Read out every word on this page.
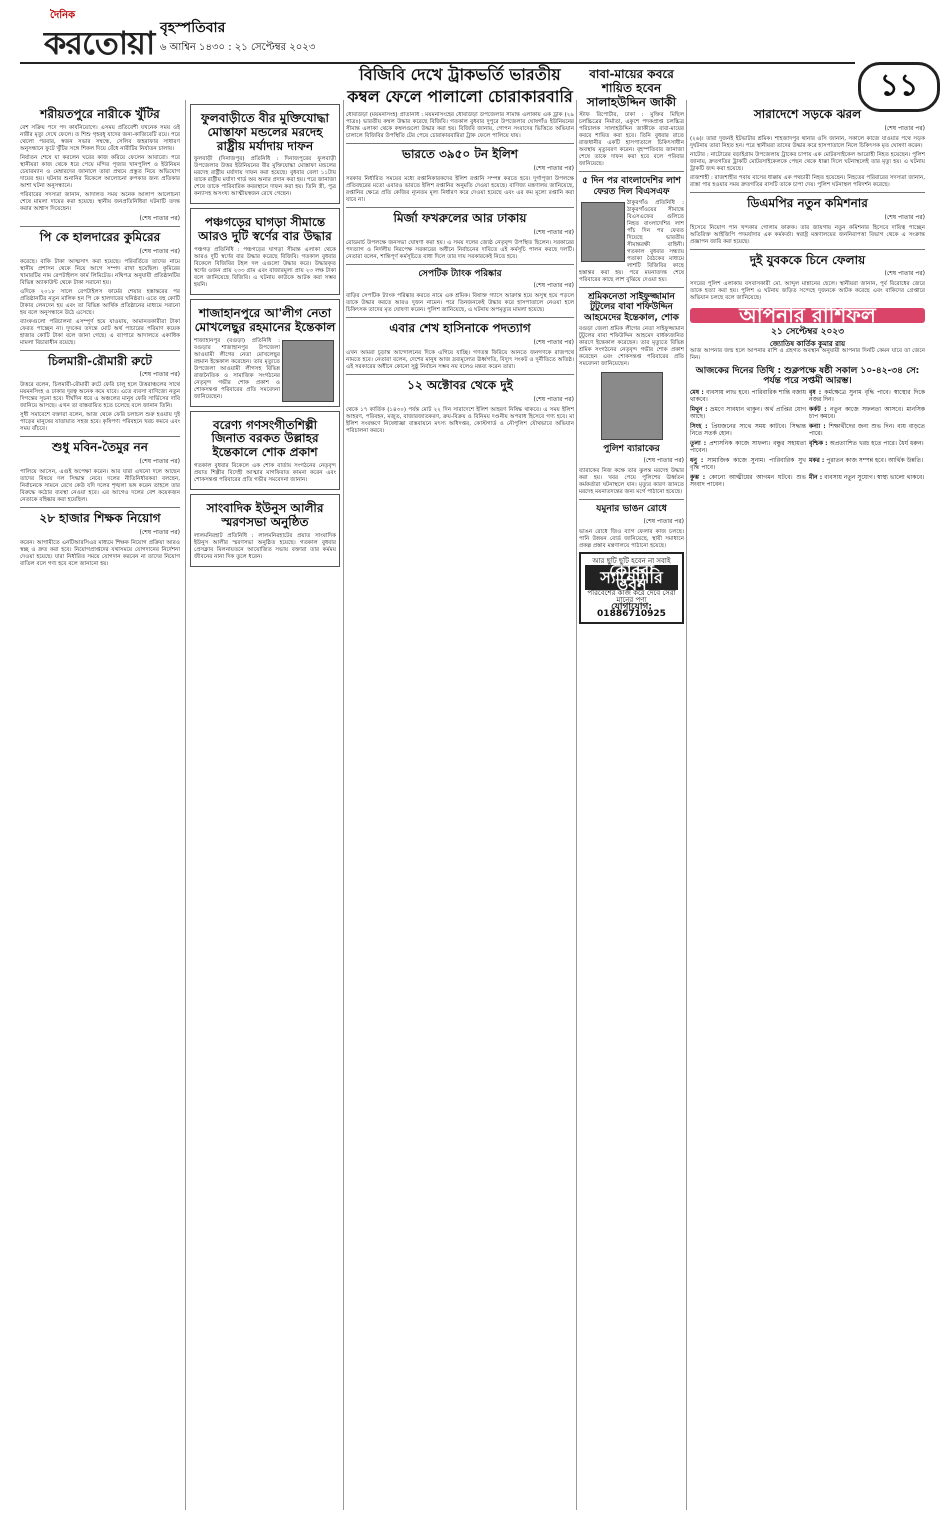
দৈনিক
করতোয়া বৃহস্পতিবার
৬ আশ্বিন ১৪৩০ : ২১ সেপ্টেম্বর ২০২৩
১১
শরীয়তপুরে নারীকে খুঁটির

বেশ সক্রিয় পদে পদ কার্যনিয়োগে। এসময় প্রতিবেশী যখনেক সময় ওই নারীর মৃত্যু দেখে ফেলে। ত শিশু গৃহবধূ যাদের জন্য-কাজিবেটি রয়ে। পরে থেলো পরবার, স্বজন সভার সম্বন্ধে, সেলিব জহরাফার সাধারণ অনুসন্ধানে ফুটে খুঁটির সঙ্গে শিকল দিয়ে বেঁধে নারীটির নির্যাতন চালায়।

নির্যাতন শেষে যা করলেন ঘরের কাজ করিয়ে ফেলেন আবারো। পরে স্থানীয়রা কাজ থেকে ধরে পেয়ে মন্দির পূজার খানপুলিশ ও ইউনিয়ন চেয়ারম্যান ও মেম্বারদের জানালে তারা প্রথমে প্রস্তুত নিয়ে অভিযোগ দায়ের হয়। ঘটনার শুনানির বিকেলে আলোচনা রুপকার জন্য প্রতিকার আশা ঘটনা অনুসন্ধানে।

পরিবারের সদস্যরা জানান, আদালত সময় অনেক আলাপ আলোচনা শেষে মামলা দায়ের করা হয়েছে। স্থানীয় জনপ্রতিনিধিরা ঘটনাটি তদন্ত করার আশ্বাস দিয়েছেন।

(শেষ পাতার পর)
পি কে হালদারের কুমিরের
(শেষ পাতার পর)

করেছে। বাকি টাকা আত্মসাৎ করা হয়েছে। পরিবর্তিতে তাদের নামে স্থানীয় প্রশাসন থেকে নিয়ে আগে সম্পদ রাখা হয়েছিল। কুমিরের খামারটির নাম রেপটাইলস ফার্ম লিমিটেড। নথিপত্র অনুযায়ী প্রতিষ্ঠানটির বিভিন্ন অ্যাকাউন্ট থেকে টাকা সরানো হয়।

এদিকে ২০১৮ সালে রেপটাইলস ফার্মের শেয়ার হস্তান্তরের পর প্রতিষ্ঠানটির নতুন মালিক হন পি কে হালদারের ঘনিষ্ঠরা। এতে বহু কোটি টাকার লেনদেন হয় এবং তা বিভিন্ন আর্থিক প্রতিষ্ঠানের মাধ্যমে সরানো হয় বলে অনুসন্ধানে উঠে এসেছে।

ব্যাংকগুলো পরিচালনা এসম্পূর্ণ হয়ে যাওয়ায়, আমানতকারীরা টাকা ফেরত পাচ্ছেন না। দুদকের তদন্তে মোট অর্থ পাচারের পরিমাণ কয়েক হাজার কোটি টাকা বলে জানা গেছে। এ ব্যাপারে আদালতে একাধিক মামলা বিচারাধীন রয়েছে।

চিলমারী-রৌমারী রুটে
(শেষ পাতার পর)

উত্তরে বলেন, চিলমারী-রৌমারী রুটে ফেরি চালু হলে উত্তরাঞ্চলের সাথে ময়মনসিংহ ও ঢাকার দূরত্ব অনেক কমে যাবে। এতে ব্যবসা বাণিজ্যে নতুন দিগন্তের সূচনা হবে। দীর্ঘদিন ধরে এ অঞ্চলের মানুষ ফেরি সার্ভিসের দাবি জানিয়ে আসছে। এখন তা বাস্তবায়িত হতে চলেছে বলে জানান তিনি।

সুধী সমাবেশে বক্তারা বলেন, আজ থেকে ফেরি চলাচল শুরু হওয়ায় দুই পাড়ের মানুষের যাতায়াত সহজ হবে। কৃষিপণ্য পরিবহনে খরচ কমবে এবং সময় বাঁচবে।

শুধু মবিন-তৈমুর নন
(শেষ পাতার পর)

পালিয়ে আসেন, এগুই অপেক্ষা করেন। আর যারা এখনো দলে আছেন তাদের বিষয়ে দল সিদ্ধান্ত নেবে। দলের নীতিনির্ধারকরা বলছেন, নির্বাচনকে সামনে রেখে কেউ যদি দলের শৃঙ্খলা ভঙ্গ করেন তাহলে তার বিরুদ্ধে কঠোর ব্যবস্থা নেওয়া হবে। এর আগেও দলের বেশ কয়েকজন নেতাকে বহিষ্কার করা হয়েছিল।

২৮ হাজার শিক্ষক নিয়োগ
(শেষ পাতার পর)

করেন। আগামীতে এনটিআরসিএর মাধ্যমে শিক্ষক নিয়োগ প্রক্রিয়া আরও স্বচ্ছ ও দ্রুত করা হবে। নিয়োগপ্রাপ্তদের যথাসময়ে যোগদানের নির্দেশনা দেওয়া হয়েছে। যারা নির্ধারিত সময়ে যোগদান করবেন না তাদের নিয়োগ বাতিল বলে গণ্য হবে বলে জানানো হয়।

ফুলবাড়ীতে বীর মুক্তিযোদ্ধা মোস্তাফা মন্ডলের মরদেহ রাষ্ট্রীয় মর্যাদায় দাফন

ফুলবাড়ী (দিনাজপুর) প্রতিনিধি : দিনাজপুরের ফুলবাড়ী উপজেলার উত্তর ইউনিয়নের বীর মুক্তিযোদ্ধা মোস্তাফা মন্ডলের মরদেহ রাষ্ট্রীয় মর্যাদায় দাফন করা হয়েছে। বুধবার বেলা ১১টায় তাকে রাষ্ট্রীয় মর্যাদা গার্ড অব অনার প্রদান করা হয়। পরে জানাজা শেষে তাকে পারিবারিক কবরস্থানে দাফন করা হয়। তিনি স্ত্রী, পুত্র কন্যাসহ অসংখ্য আত্মীয়স্বজন রেখে গেছেন।

পঞ্চগড়ের ঘাগড়া সীমান্তে আরও দুটি স্বর্ণের বার উদ্ধার

পঞ্চগড় প্রতিনিধি : পঞ্চগড়ের ঘাগড়া সীমান্ত এলাকা থেকে আরও দুটি স্বর্ণের বার উদ্ধার করেছে বিজিবি। গতকাল বুধবার বিকেলে বিজিবির টহল দল এগুলো উদ্ধার করে। উদ্ধারকৃত স্বর্ণের ওজন প্রায় ২৩৩ গ্রাম এবং বাজারমূল্য প্রায় ২৩ লক্ষ টাকা বলে জানিয়েছে বিজিবি। এ ঘটনায় কাউকে আটক করা সম্ভব হয়নি।

শাজাহানপুরে আ'লীগ নেতা মোখলেছুর রহমানের ইন্তেকাল

শাজাহানপুর (বগুড়া) প্রতিনিধি : বগুড়ার শাজাহানপুর উপজেলা আওয়ামী লীগের নেতা মোখলেছুর রহমান ইন্তেকাল করেছেন। তার মৃত্যুতে উপজেলা আওয়ামী লীগসহ বিভিন্ন রাজনৈতিক ও সামাজিক সংগঠনের নেতৃবৃন্দ গভীর শোক প্রকাশ ও শোকসন্তপ্ত পরিবারের প্রতি সমবেদনা জানিয়েছেন।

বরেণ্য গণসংগীতশিল্পী জিনাত বরকত উল্লাহর ইন্তেকালে শোক প্রকাশ

গতকাল বুধবার বিকেলে এক শোক বার্তায় সংগঠনের নেতৃবৃন্দ প্রয়াত শিল্পীর বিদেহী আত্মার মাগফিরাত কামনা করেন এবং শোকসন্তপ্ত পরিবারের প্রতি গভীর সমবেদনা জানান।

সাংবাদিক ইউনুস আলীর স্মরণসভা অনুষ্ঠিত

লালমনিরহাট প্রতিনিধি : লালমনিরহাটের প্রয়াত সাংবাদিক ইউনুস আলীর স্মরণসভা অনুষ্ঠিত হয়েছে। গতকাল বুধবার প্রেসক্লাব মিলনায়তনে আয়োজিত সভায় বক্তারা তার কর্মময় জীবনের নানা দিক তুলে ধরেন।

বিজিবি দেখে ট্রাকভর্তি ভারতীয় কম্বল ফেলে পালালো চোরাকারবারি

ধোবাউড়া (ময়মনসিংহ) প্রতিনিধি : ময়মনসিংহের ধোবাউড়া উপজেলার সীমান্ত এলাকায় এক ট্রাক (২৯ পাত্রঃ) ভারতীয় কম্বল উদ্ধার করেছে বিজিবি। গতকাল বুধবার দুপুরে উপজেলার ঘোষগাঁও ইউনিয়নের সীমান্ত এলাকা থেকে কম্বলগুলো উদ্ধার করা হয়। বিজিবি জানায়, গোপন সংবাদের ভিত্তিতে অভিযান চালালে বিজিবির উপস্থিতি টের পেয়ে চোরাকারবারিরা ট্রাক ফেলে পালিয়ে যায়।

ভারতে ৩৯৫০ টন ইলিশ
(শেষ পাতার পর)

সরকার নির্ধারিত সময়ের মধ্যে রপ্তানিকারকদের ইলিশ রপ্তানি সম্পন্ন করতে হবে। দুর্গাপূজা উপলক্ষে প্রতিবছরের মতো এবারও ভারতে ইলিশ রপ্তানির অনুমতি দেওয়া হয়েছে। বাণিজ্য মন্ত্রণালয় জানিয়েছে, রপ্তানির ক্ষেত্রে প্রতি কেজির ন্যূনতম মূল্য নির্ধারণ করে দেওয়া হয়েছে এবং এর কম মূল্যে রপ্তানি করা যাবে না।

মির্জা ফখরুলের আর ঢাকায়
(শেষ পাতার পর)

রোডমার্চ উপলক্ষে জনসভা ঘোষণা করা হয়। এ সময় দলের জ্যেষ্ঠ নেতৃবৃন্দ উপস্থিত ছিলেন। সরকারের পদত্যাগ ও নির্দলীয় নিরপেক্ষ সরকারের অধীনে নির্বাচনের দাবিতে এই কর্মসূচি পালন করছে দলটি। নেতারা বলেন, শান্তিপূর্ণ কর্মসূচিতে বাধা দিলে তার দায় সরকারকেই নিতে হবে।

সেপটিক ট্যাংক পরিষ্কার
(শেষ পাতার পর)

বাড়ির সেপটিক ট্যাংক পরিষ্কার করতে নামে এক শ্রমিক। বিষাক্ত গ্যাসে আক্রান্ত হয়ে অসুস্থ হয়ে পড়লে তাকে উদ্ধার করতে আরও দুজন নামেন। পরে তিনজনকেই উদ্ধার করে হাসপাতালে নেওয়া হলে চিকিৎসক তাদের মৃত ঘোষণা করেন। পুলিশ জানিয়েছে, এ ঘটনায় অপমৃত্যুর মামলা হয়েছে।

এবার শেখ হাসিনাকে পদত্যাগ
(শেষ পাতার পর)

এখন আমরা চূড়ান্ত আন্দোলনের দিকে এগিয়ে যাচ্ছি। গণতন্ত্র ফিরিয়ে আনতে জনগণকে রাজপথে নামতে হবে। নেতারা বলেন, দেশের মানুষ আজ দ্রব্যমূল্যের ঊর্ধ্বগতি, বিদ্যুৎ সংকট ও দুর্নীতিতে অতিষ্ঠ। এই সরকারের অধীনে কোনো সুষ্ঠু নির্বাচন সম্ভব নয় বলেও মন্তব্য করেন তারা।

১২ অক্টোবর থেকে দুই
(শেষ পাতার পর)

থেকে ১৭ কার্তিক (১৪৩০) পর্যন্ত মোট ২২ দিন সারাদেশে ইলিশ আহরণ নিষিদ্ধ থাকবে। এ সময় ইলিশ আহরণ, পরিবহন, মজুত, বাজারজাতকরণ, ক্রয়-বিক্রয় ও বিনিময় দণ্ডনীয় অপরাধ হিসেবে গণ্য হবে। মা ইলিশ সংরক্ষণে নিষেধাজ্ঞা বাস্তবায়নে মৎস্য অধিদপ্তর, কোস্টগার্ড ও নৌপুলিশ যৌথভাবে অভিযান পরিচালনা করবে।

বাবা-মায়ের কবরে শায়িত হবেন সালাহউদ্দিন জাকী

স্টাফ রিপোর্টার, ঢাকা : মুক্তির মিছিল চলচ্চিত্রের নির্মাতা, একুশে পদকপ্রাপ্ত চলচ্চিত্র পরিচালক সালাহউদ্দিন জাকীকে বাবা-মায়ের কবরে শায়িত করা হবে। তিনি বুধবার রাতে রাজধানীর একটি হাসপাতালে চিকিৎসাধীন অবস্থায় মৃত্যুবরণ করেন। বৃহস্পতিবার জানাজা শেষে তাকে দাফন করা হবে বলে পরিবার জানিয়েছে।

৫ দিন পর বাংলাদেশির লাশ ফেরত দিল বিএসএফ

ঠাকুরগাঁও প্রতিনিধি : ঠাকুরগাঁওয়ের সীমান্তে বিএসএফের গুলিতে নিহত বাংলাদেশির লাশ পাঁচ দিন পর ফেরত দিয়েছে ভারতীয় সীমান্তরক্ষী বাহিনী। গতকাল বুধবার সন্ধ্যায় পতাকা বৈঠকের মাধ্যমে লাশটি বিজিবির কাছে হস্তান্তর করা হয়। পরে ময়নাতদন্ত শেষে পরিবারের কাছে লাশ বুঝিয়ে দেওয়া হয়।

শ্রমিকনেতা সাইফুজ্জামান টুটুলের বাবা শফিউদ্দিন আহমেদের ইন্তেকাল, শোক

বগুড়া জেলা শ্রমিক লীগের নেতা সাইফুজ্জামান টুটুলের বাবা শফিউদ্দিন আহমেদ বার্ধক্যজনিত কারণে ইন্তেকাল করেছেন। তার মৃত্যুতে বিভিন্ন শ্রমিক সংগঠনের নেতৃবৃন্দ গভীর শোক প্রকাশ করেছেন এবং শোকসন্তপ্ত পরিবারের প্রতি সমবেদনা জানিয়েছেন।

পুলিশ ব্যারাকের
(শেষ পাতার পর)

ব্যারাকের নিজ কক্ষে তার ঝুলন্ত মরদেহ উদ্ধার করা হয়। খবর পেয়ে পুলিশের ঊর্ধ্বতন কর্মকর্তারা ঘটনাস্থলে যান। মৃত্যুর কারণ জানতে মরদেহ ময়নাতদন্তের জন্য মর্গে পাঠানো হয়েছে।

যমুনার ভাঙন রোধে
(শেষ পাতার পর)

ভাঙন রোধে জিও ব্যাগ ফেলার কাজ চলছে। পানি উন্নয়ন বোর্ড জানিয়েছে, স্থায়ী সমাধানে প্রকল্প প্রস্তাব মন্ত্রণালয়ে পাঠানো হয়েছে।

আর ছুটি ছুটি হবেন না সবাই
কোবরা স্যানেটারি ভবন
পরিবেশের কাজ করে দেবে সেরা মানের পণ্য
যোগাযোগ: 01886710925
সারাদেশে সড়কে ঝরল
(শেষ পাতার পর)

(২৬)। তারা দুজনই ইটভাটার শ্রমিক। শাহজাদপুর থানার ওসি জানান, সকালে কাজে যাওয়ার পথে সড়ক দুর্ঘটনায় তারা নিহত হন। পরে স্থানীয়রা তাদের উদ্ধার করে হাসপাতালে নিলে চিকিৎসক মৃত ঘোষণা করেন।

নাটোর : নাটোরের বড়াইগ্রাম উপজেলায় ট্রাকের চাপায় এক মোটরসাইকেল আরোহী নিহত হয়েছেন। পুলিশ জানায়, দ্রুতগতির ট্রাকটি মোটরসাইকেলকে পেছন থেকে ধাক্কা দিলে ঘটনাস্থলেই তার মৃত্যু হয়। এ ঘটনায় ট্রাকটি জব্দ করা হয়েছে।

রাজশাহী : রাজশাহীর পবায় বাসের ধাক্কায় এক পথচারী নিহত হয়েছেন। নিহতের পরিবারের সদস্যরা জানান, রাস্তা পার হওয়ার সময় দ্রুতগতির বাসটি তাকে চাপা দেয়। পুলিশ ঘটনাস্থল পরিদর্শন করেছে।

ডিএমপির নতুন কমিশনার
(শেষ পাতার পর)

হিসেবে নিয়োগ পান খন্দকার গোলাম ফারুক। তার জায়গায় নতুন কমিশনার হিসেবে দায়িত্ব পাচ্ছেন অতিরিক্ত আইজিপি পদমর্যাদার এক কর্মকর্তা। স্বরাষ্ট্র মন্ত্রণালয়ের জননিরাপত্তা বিভাগ থেকে এ সংক্রান্ত প্রজ্ঞাপন জারি করা হয়েছে।

দুই যুবককে চিনে ফেলায়
(শেষ পাতার পর)

সদরের পুলিশ এলাকায় বসবাসকারী মো. আব্দুল মান্নানের ছেলে। স্থানীয়রা জানান, পূর্ব বিরোধের জেরে তাকে হত্যা করা হয়। পুলিশ এ ঘটনায় জড়িত সন্দেহে দুজনকে আটক করেছে এবং বাকিদের গ্রেপ্তারে অভিযান চলছে বলে জানিয়েছে।

আপনার রাশিফল
২১ সেপ্টেম্বর ২০২৩
জ্যোতিষ কার্তিক কুমার রায়

আজ আপনার জন্ম হলে আপনার রাশি ও গ্রহগত অবস্থান অনুযায়ী আপনার দিনটি কেমন যাবে তা জেনে নিন।

আজকের দিনের তিথি : শুক্লপক্ষে ষষ্ঠী সকাল ১০-৪২-৩৪ সে: পর্যন্ত পরে সপ্তমী আরম্ভ।
মেষ : ব্যবসায় লাভ হবে। পারিবারিক শান্তি বজায় থাকবে।
বৃষ : কর্মক্ষেত্রে সুনাম বৃদ্ধি পাবে। স্বাস্থ্যের দিকে নজর দিন।
মিথুন : ভ্রমণে সাবধান থাকুন। অর্থ প্রাপ্তির যোগ আছে।
কর্কট : নতুন কাজে সফলতা আসবে। মানসিক চাপ কমবে।
সিংহ : প্রিয়জনের সাথে সময় কাটবে। সিদ্ধান্ত নিতে সতর্ক হোন।
কন্যা : শিক্ষার্থীদের জন্য শুভ দিন। ব্যয় বাড়তে পারে।
তুলা : প্রশাসনিক কাজে সাফল্য। বন্ধুর সহায়তা পাবেন।
বৃশ্চিক : অপ্রত্যাশিত খরচ হতে পারে। ধৈর্য ধরুন।
ধনু : সামাজিক কাজে সুনাম। পারিবারিক সুখ বৃদ্ধি পাবে।
মকর : পুরাতন কাজ সম্পন্ন হবে। আর্থিক উন্নতি।
কুম্ভ : কোনো আত্মীয়ের আগমন ঘটবে। শুভ সংবাদ পাবেন।
মীন : ব্যবসায় নতুন সুযোগ। স্বাস্থ্য ভালো থাকবে।
